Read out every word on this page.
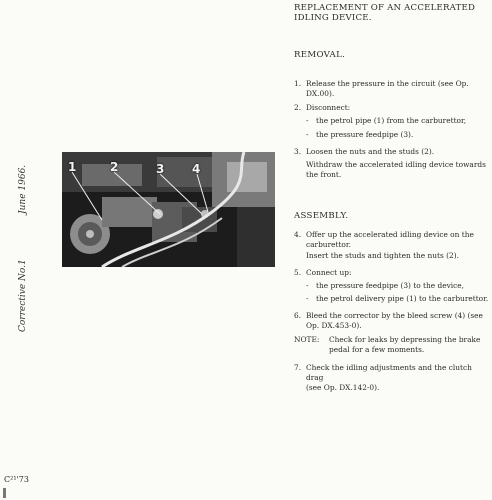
June 1966.
Corrective No.1
1	2	3 4
REPLACEMENT OF AN ACCELERATED IDLING DEVICE.
REMOVAL.
1. Release the pressure in the circuit (see Op.
DX.00).
2. Disconnect:
- the petrol pipe (1) from the carburettor,
- the pressure feedpipe (3).
3. Loosen the nuts and the studs (2).
Withdraw the accelerated idling device towards
the front.
ASSEMBLY.
4. Offer up the accelerated idling device on the
carburettor.
Insert the studs and tighten the nuts (2).
5. Connect up:
- the pressure feedpipe (3) to the device,
- the petrol delivery pipe (1) to the carburettor.
6. Bleed the corrector by the bleed screw (4) (see
Op. DX.453-0).
NOTE: Check for leaks by depressing the brake
pedal for a few moments.
7. Check the idling adjustments and the clutch drag
(see Op. DX.142-0).
C²¹'73
